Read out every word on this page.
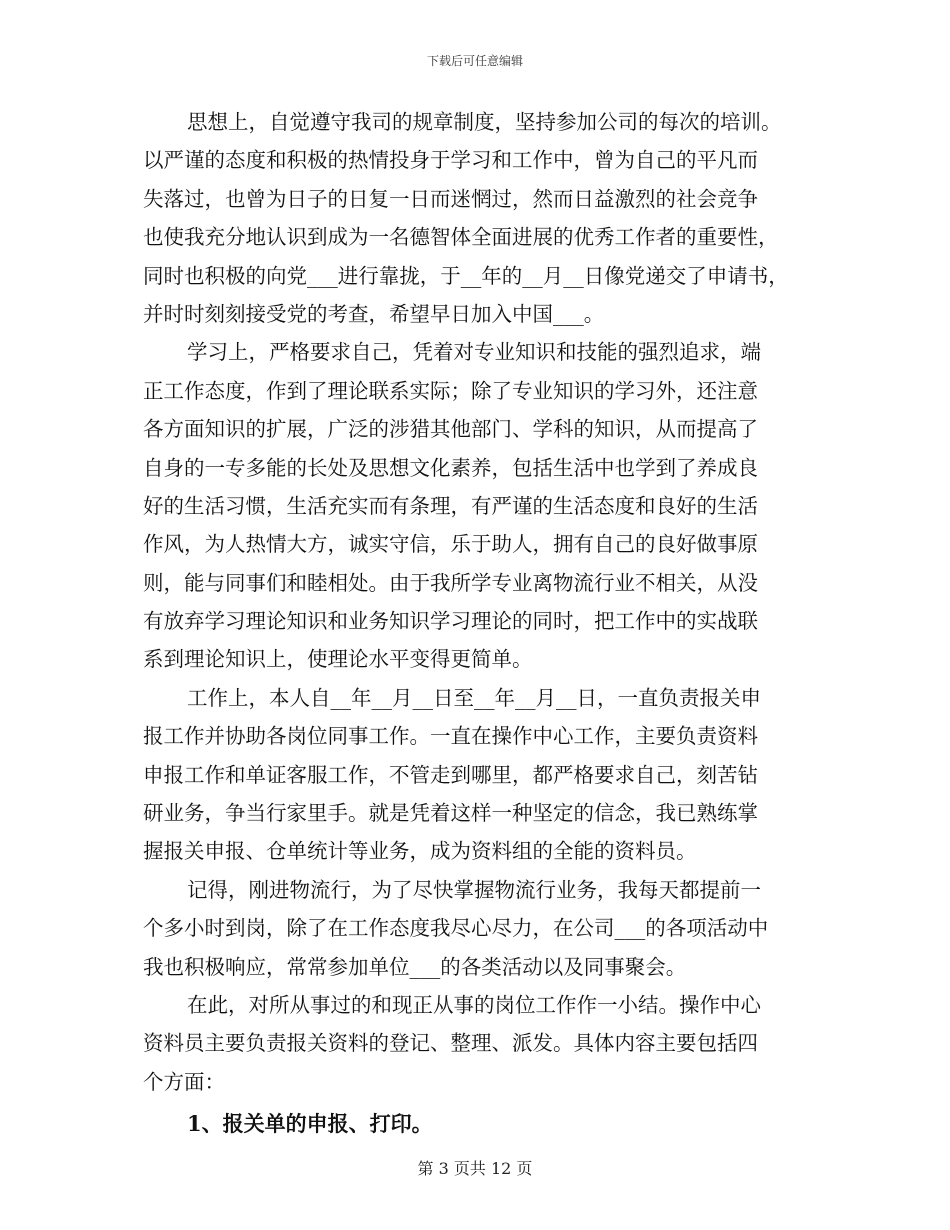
下载后可任意编辑
思想上，自觉遵守我司的规章制度，坚持参加公司的每次的培训。
以严谨的态度和积极的热情投身于学习和工作中，曾为自己的平凡而
失落过，也曾为日子的日复一日而迷惘过，然而日益激烈的社会竞争
也使我充分地认识到成为一名德智体全面进展的优秀工作者的重要性，
同时也积极的向党___进行靠拢，于__年的__月__日像党递交了申请书，
并时时刻刻接受党的考查，希望早日加入中国___。
学习上，严格要求自己，凭着对专业知识和技能的强烈追求，端
正工作态度，作到了理论联系实际；除了专业知识的学习外，还注意
各方面知识的扩展，广泛的涉猎其他部门、学科的知识，从而提高了
自身的一专多能的长处及思想文化素养，包括生活中也学到了养成良
好的生活习惯，生活充实而有条理，有严谨的生活态度和良好的生活
作风，为人热情大方，诚实守信，乐于助人，拥有自己的良好做事原
则，能与同事们和睦相处。由于我所学专业离物流行业不相关，从没
有放弃学习理论知识和业务知识学习理论的同时，把工作中的实战联
系到理论知识上，使理论水平变得更简单。
工作上，本人自__年__月__日至__年__月__日，一直负责报关申
报工作并协助各岗位同事工作。一直在操作中心工作，主要负责资料
申报工作和单证客服工作，不管走到哪里，都严格要求自己，刻苦钻
研业务，争当行家里手。就是凭着这样一种坚定的信念，我已熟练掌
握报关申报、仓单统计等业务，成为资料组的全能的资料员。
记得，刚进物流行，为了尽快掌握物流行业务，我每天都提前一
个多小时到岗，除了在工作态度我尽心尽力，在公司___的各项活动中
我也积极响应，常常参加单位___的各类活动以及同事聚会。
在此，对所从事过的和现正从事的岗位工作作一小结。操作中心
资料员主要负责报关资料的登记、整理、派发。具体内容主要包括四
个方面：
1、报关单的申报、打印。
第 3 页共 12 页
